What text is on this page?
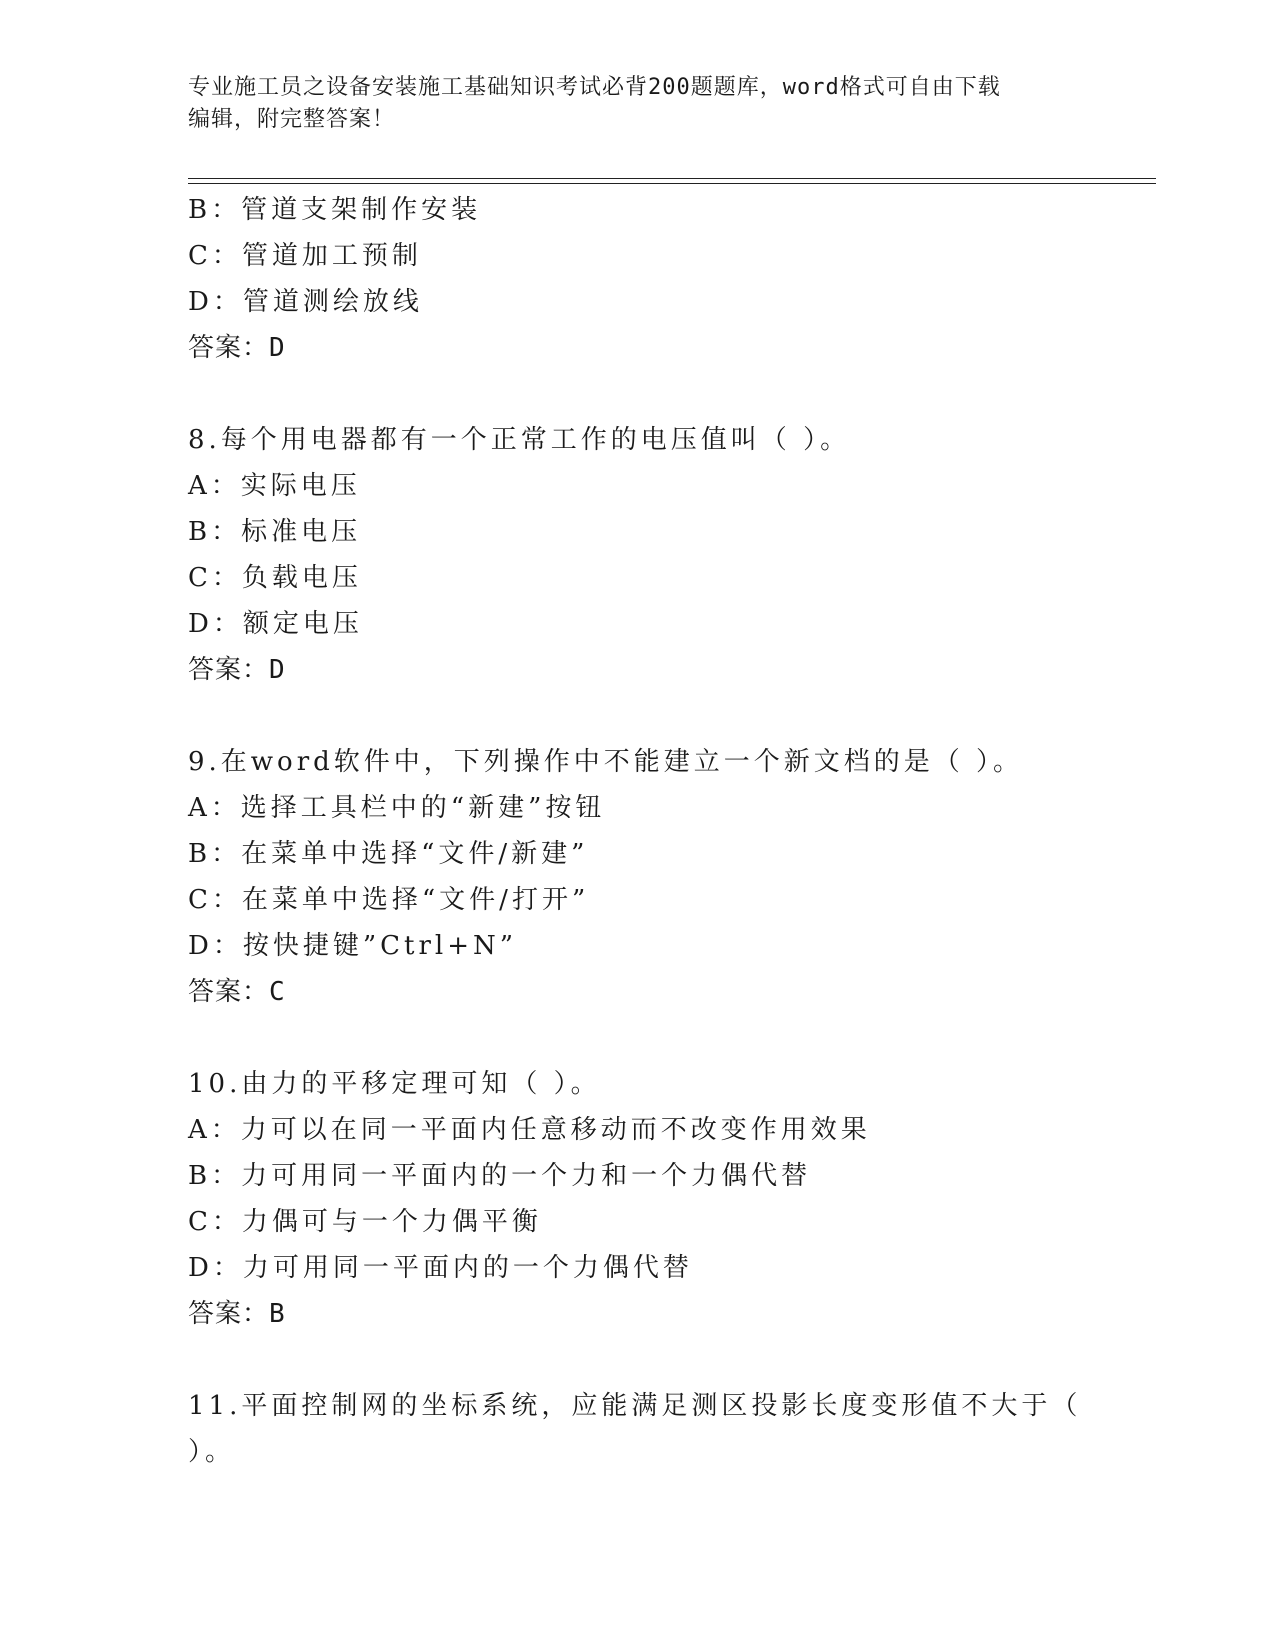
专业施工员之设备安装施工基础知识考试必背200题题库，word格式可自由下载
编辑，附完整答案！
B：管道支架制作安装
C：管道加工预制
D：管道测绘放线
答案：D
8.每个用电器都有一个正常工作的电压值叫（ ）。
A：实际电压
B：标准电压
C：负载电压
D：额定电压
答案：D
9.在word软件中，下列操作中不能建立一个新文档的是（ ）。
A：选择工具栏中的“新建”按钮
B：在菜单中选择“文件/新建”
C：在菜单中选择“文件/打开”
D：按快捷键”Ctrl+N”
答案：C
10.由力的平移定理可知（ ）。
A：力可以在同一平面内任意移动而不改变作用效果
B：力可用同一平面内的一个力和一个力偶代替
C：力偶可与一个力偶平衡
D：力可用同一平面内的一个力偶代替
答案：B
11.平面控制网的坐标系统，应能满足测区投影长度变形值不大于（
）。
